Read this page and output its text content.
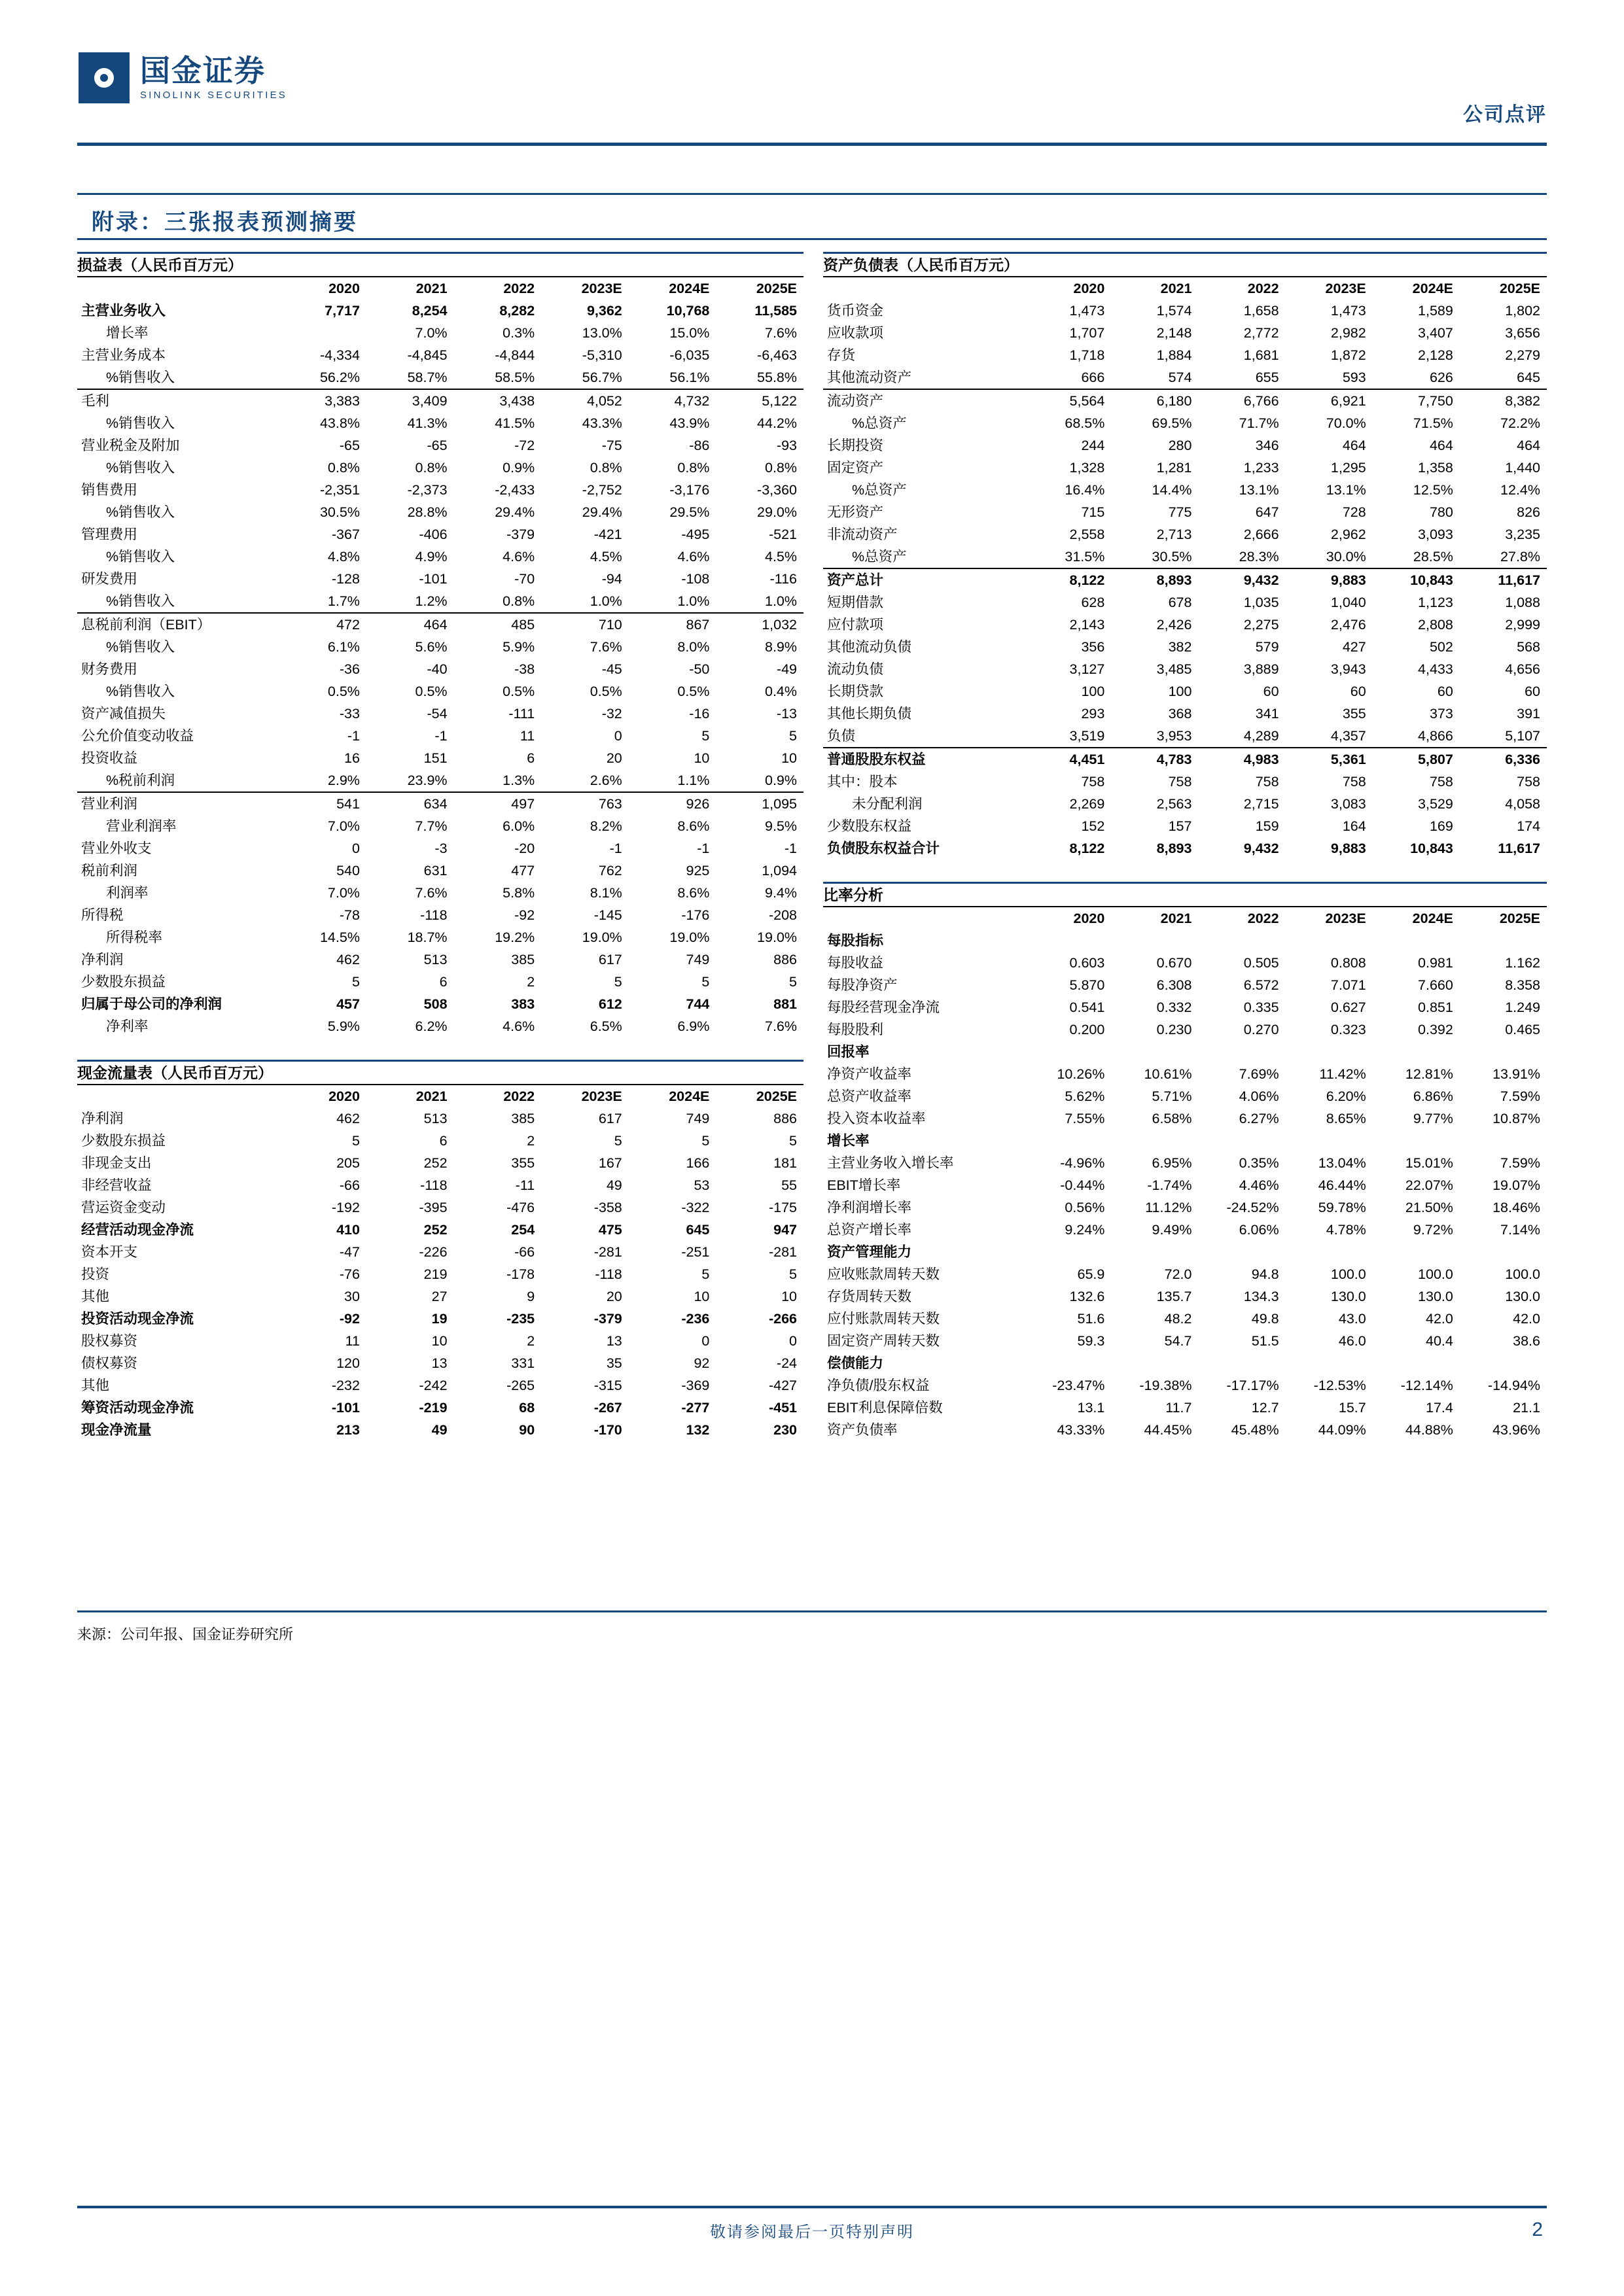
国金证券
SINOLINK SECURITIES
公司点评
附录：三张报表预测摘要
损益表（人民币百万元）						
	2020	2021	2022	2023E	2024E	2025E
主营业务收入	7,717	8,254	8,282	9,362	10,768	11,585
增长率		7.0%	0.3%	13.0%	15.0%	7.6%
主营业务成本	-4,334	-4,845	-4,844	-5,310	-6,035	-6,463
%销售收入	56.2%	58.7%	58.5%	56.7%	56.1%	55.8%
毛利	3,383	3,409	3,438	4,052	4,732	5,122
%销售收入	43.8%	41.3%	41.5%	43.3%	43.9%	44.2%
营业税金及附加	-65	-65	-72	-75	-86	-93
%销售收入	0.8%	0.8%	0.9%	0.8%	0.8%	0.8%
销售费用	-2,351	-2,373	-2,433	-2,752	-3,176	-3,360
%销售收入	30.5%	28.8%	29.4%	29.4%	29.5%	29.0%
管理费用	-367	-406	-379	-421	-495	-521
%销售收入	4.8%	4.9%	4.6%	4.5%	4.6%	4.5%
研发费用	-128	-101	-70	-94	-108	-116
%销售收入	1.7%	1.2%	0.8%	1.0%	1.0%	1.0%
息税前利润（EBIT）	472	464	485	710	867	1,032
%销售收入	6.1%	5.6%	5.9%	7.6%	8.0%	8.9%
财务费用	-36	-40	-38	-45	-50	-49
%销售收入	0.5%	0.5%	0.5%	0.5%	0.5%	0.4%
资产减值损失	-33	-54	-111	-32	-16	-13
公允价值变动收益	-1	-1	11	0	5	5
投资收益	16	151	6	20	10	10
%税前利润	2.9%	23.9%	1.3%	2.6%	1.1%	0.9%
营业利润	541	634	497	763	926	1,095
营业利润率	7.0%	7.7%	6.0%	8.2%	8.6%	9.5%
营业外收支	0	-3	-20	-1	-1	-1
税前利润	540	631	477	762	925	1,094
利润率	7.0%	7.6%	5.8%	8.1%	8.6%	9.4%
所得税	-78	-118	-92	-145	-176	-208
所得税率	14.5%	18.7%	19.2%	19.0%	19.0%	19.0%
净利润	462	513	385	617	749	886
少数股东损益	5	6	2	5	5	5
归属于母公司的净利润	457	508	383	612	744	881
净利率	5.9%	6.2%	4.6%	6.5%	6.9%	7.6%
现金流量表（人民币百万元）						
	2020	2021	2022	2023E	2024E	2025E
净利润	462	513	385	617	749	886
少数股东损益	5	6	2	5	5	5
非现金支出	205	252	355	167	166	181
非经营收益	-66	-118	-11	49	53	55
营运资金变动	-192	-395	-476	-358	-322	-175
经营活动现金净流	410	252	254	475	645	947
资本开支	-47	-226	-66	-281	-251	-281
投资	-76	219	-178	-118	5	5
其他	30	27	9	20	10	10
投资活动现金净流	-92	19	-235	-379	-236	-266
股权募资	11	10	2	13	0	0
债权募资	120	13	331	35	92	-24
其他	-232	-242	-265	-315	-369	-427
筹资活动现金净流	-101	-219	68	-267	-277	-451
现金净流量	213	49	90	-170	132	230
资产负债表（人民币百万元）						
	2020	2021	2022	2023E	2024E	2025E
货币资金	1,473	1,574	1,658	1,473	1,589	1,802
应收款项	1,707	2,148	2,772	2,982	3,407	3,656
存货	1,718	1,884	1,681	1,872	2,128	2,279
其他流动资产	666	574	655	593	626	645
流动资产	5,564	6,180	6,766	6,921	7,750	8,382
%总资产	68.5%	69.5%	71.7%	70.0%	71.5%	72.2%
长期投资	244	280	346	464	464	464
固定资产	1,328	1,281	1,233	1,295	1,358	1,440
%总资产	16.4%	14.4%	13.1%	13.1%	12.5%	12.4%
无形资产	715	775	647	728	780	826
非流动资产	2,558	2,713	2,666	2,962	3,093	3,235
%总资产	31.5%	30.5%	28.3%	30.0%	28.5%	27.8%
资产总计	8,122	8,893	9,432	9,883	10,843	11,617
短期借款	628	678	1,035	1,040	1,123	1,088
应付款项	2,143	2,426	2,275	2,476	2,808	2,999
其他流动负债	356	382	579	427	502	568
流动负债	3,127	3,485	3,889	3,943	4,433	4,656
长期贷款	100	100	60	60	60	60
其他长期负债	293	368	341	355	373	391
负债	3,519	3,953	4,289	4,357	4,866	5,107
普通股股东权益	4,451	4,783	4,983	5,361	5,807	6,336
其中：股本	758	758	758	758	758	758
未分配利润	2,269	2,563	2,715	3,083	3,529	4,058
少数股东权益	152	157	159	164	169	174
负债股东权益合计	8,122	8,893	9,432	9,883	10,843	11,617
比率分析						
	2020	2021	2022	2023E	2024E	2025E
每股指标						
每股收益	0.603	0.670	0.505	0.808	0.981	1.162
每股净资产	5.870	6.308	6.572	7.071	7.660	8.358
每股经营现金净流	0.541	0.332	0.335	0.627	0.851	1.249
每股股利	0.200	0.230	0.270	0.323	0.392	0.465
回报率						
净资产收益率	10.26%	10.61%	7.69%	11.42%	12.81%	13.91%
总资产收益率	5.62%	5.71%	4.06%	6.20%	6.86%	7.59%
投入资本收益率	7.55%	6.58%	6.27%	8.65%	9.77%	10.87%
增长率						
主营业务收入增长率	-4.96%	6.95%	0.35%	13.04%	15.01%	7.59%
EBIT增长率	-0.44%	-1.74%	4.46%	46.44%	22.07%	19.07%
净利润增长率	0.56%	11.12%	-24.52%	59.78%	21.50%	18.46%
总资产增长率	9.24%	9.49%	6.06%	4.78%	9.72%	7.14%
资产管理能力						
应收账款周转天数	65.9	72.0	94.8	100.0	100.0	100.0
存货周转天数	132.6	135.7	134.3	130.0	130.0	130.0
应付账款周转天数	51.6	48.2	49.8	43.0	42.0	42.0
固定资产周转天数	59.3	54.7	51.5	46.0	40.4	38.6
偿债能力						
净负债/股东权益	-23.47%	-19.38%	-17.17%	-12.53%	-12.14%	-14.94%
EBIT利息保障倍数	13.1	11.7	12.7	15.7	17.4	21.1
资产负债率	43.33%	44.45%	45.48%	44.09%	44.88%	43.96%
来源：公司年报、国金证券研究所
敬请参阅最后一页特别声明	2
